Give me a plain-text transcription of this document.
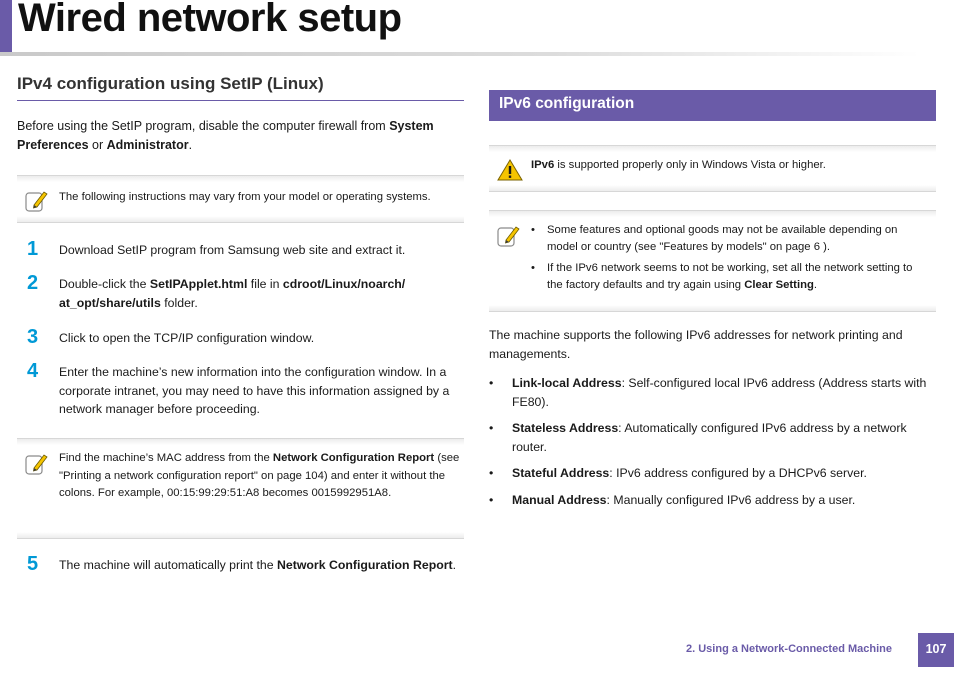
Wired network setup
IPv4 configuration using SetIP (Linux)

Before using the SetIP program, disable the computer firewall from System Preferences or Administrator.

The following instructions may vary from your model or operating systems.
1 Download SetIP program from Samsung web site and extract it.
2 Double-click the SetIPApplet.html file in cdroot/Linux/noarch/ at_opt/share/utils folder.
3 Click to open the TCP/IP configuration window.
4 Enter the machine’s new information into the configuration window. In a corporate intranet, you may need to have this information assigned by a network manager before proceeding.
Find the machine’s MAC address from the Network Configuration Report (see "Printing a network configuration report" on page 104) and enter it without the colons. For example, 00:15:99:29:51:A8 becomes 0015992951A8.
5 The machine will automatically print the Network Configuration Report.
IPv6 configuration
IPv6 is supported properly only in Windows Vista or higher.
• Some features and optional goods may not be available depending on model or country (see "Features by models" on page 6 ).
• If the IPv6 network seems to not be working, set all the network setting to the factory defaults and try again using Clear Setting.

The machine supports the following IPv6 addresses for network printing and managements.

• Link-local Address: Self-configured local IPv6 address (Address starts with FE80).
• Stateless Address: Automatically configured IPv6 address by a network router.
• Stateful Address: IPv6 address configured by a DHCPv6 server.
• Manual Address: Manually configured IPv6 address by a user.
2. Using a Network-Connected Machine	107
